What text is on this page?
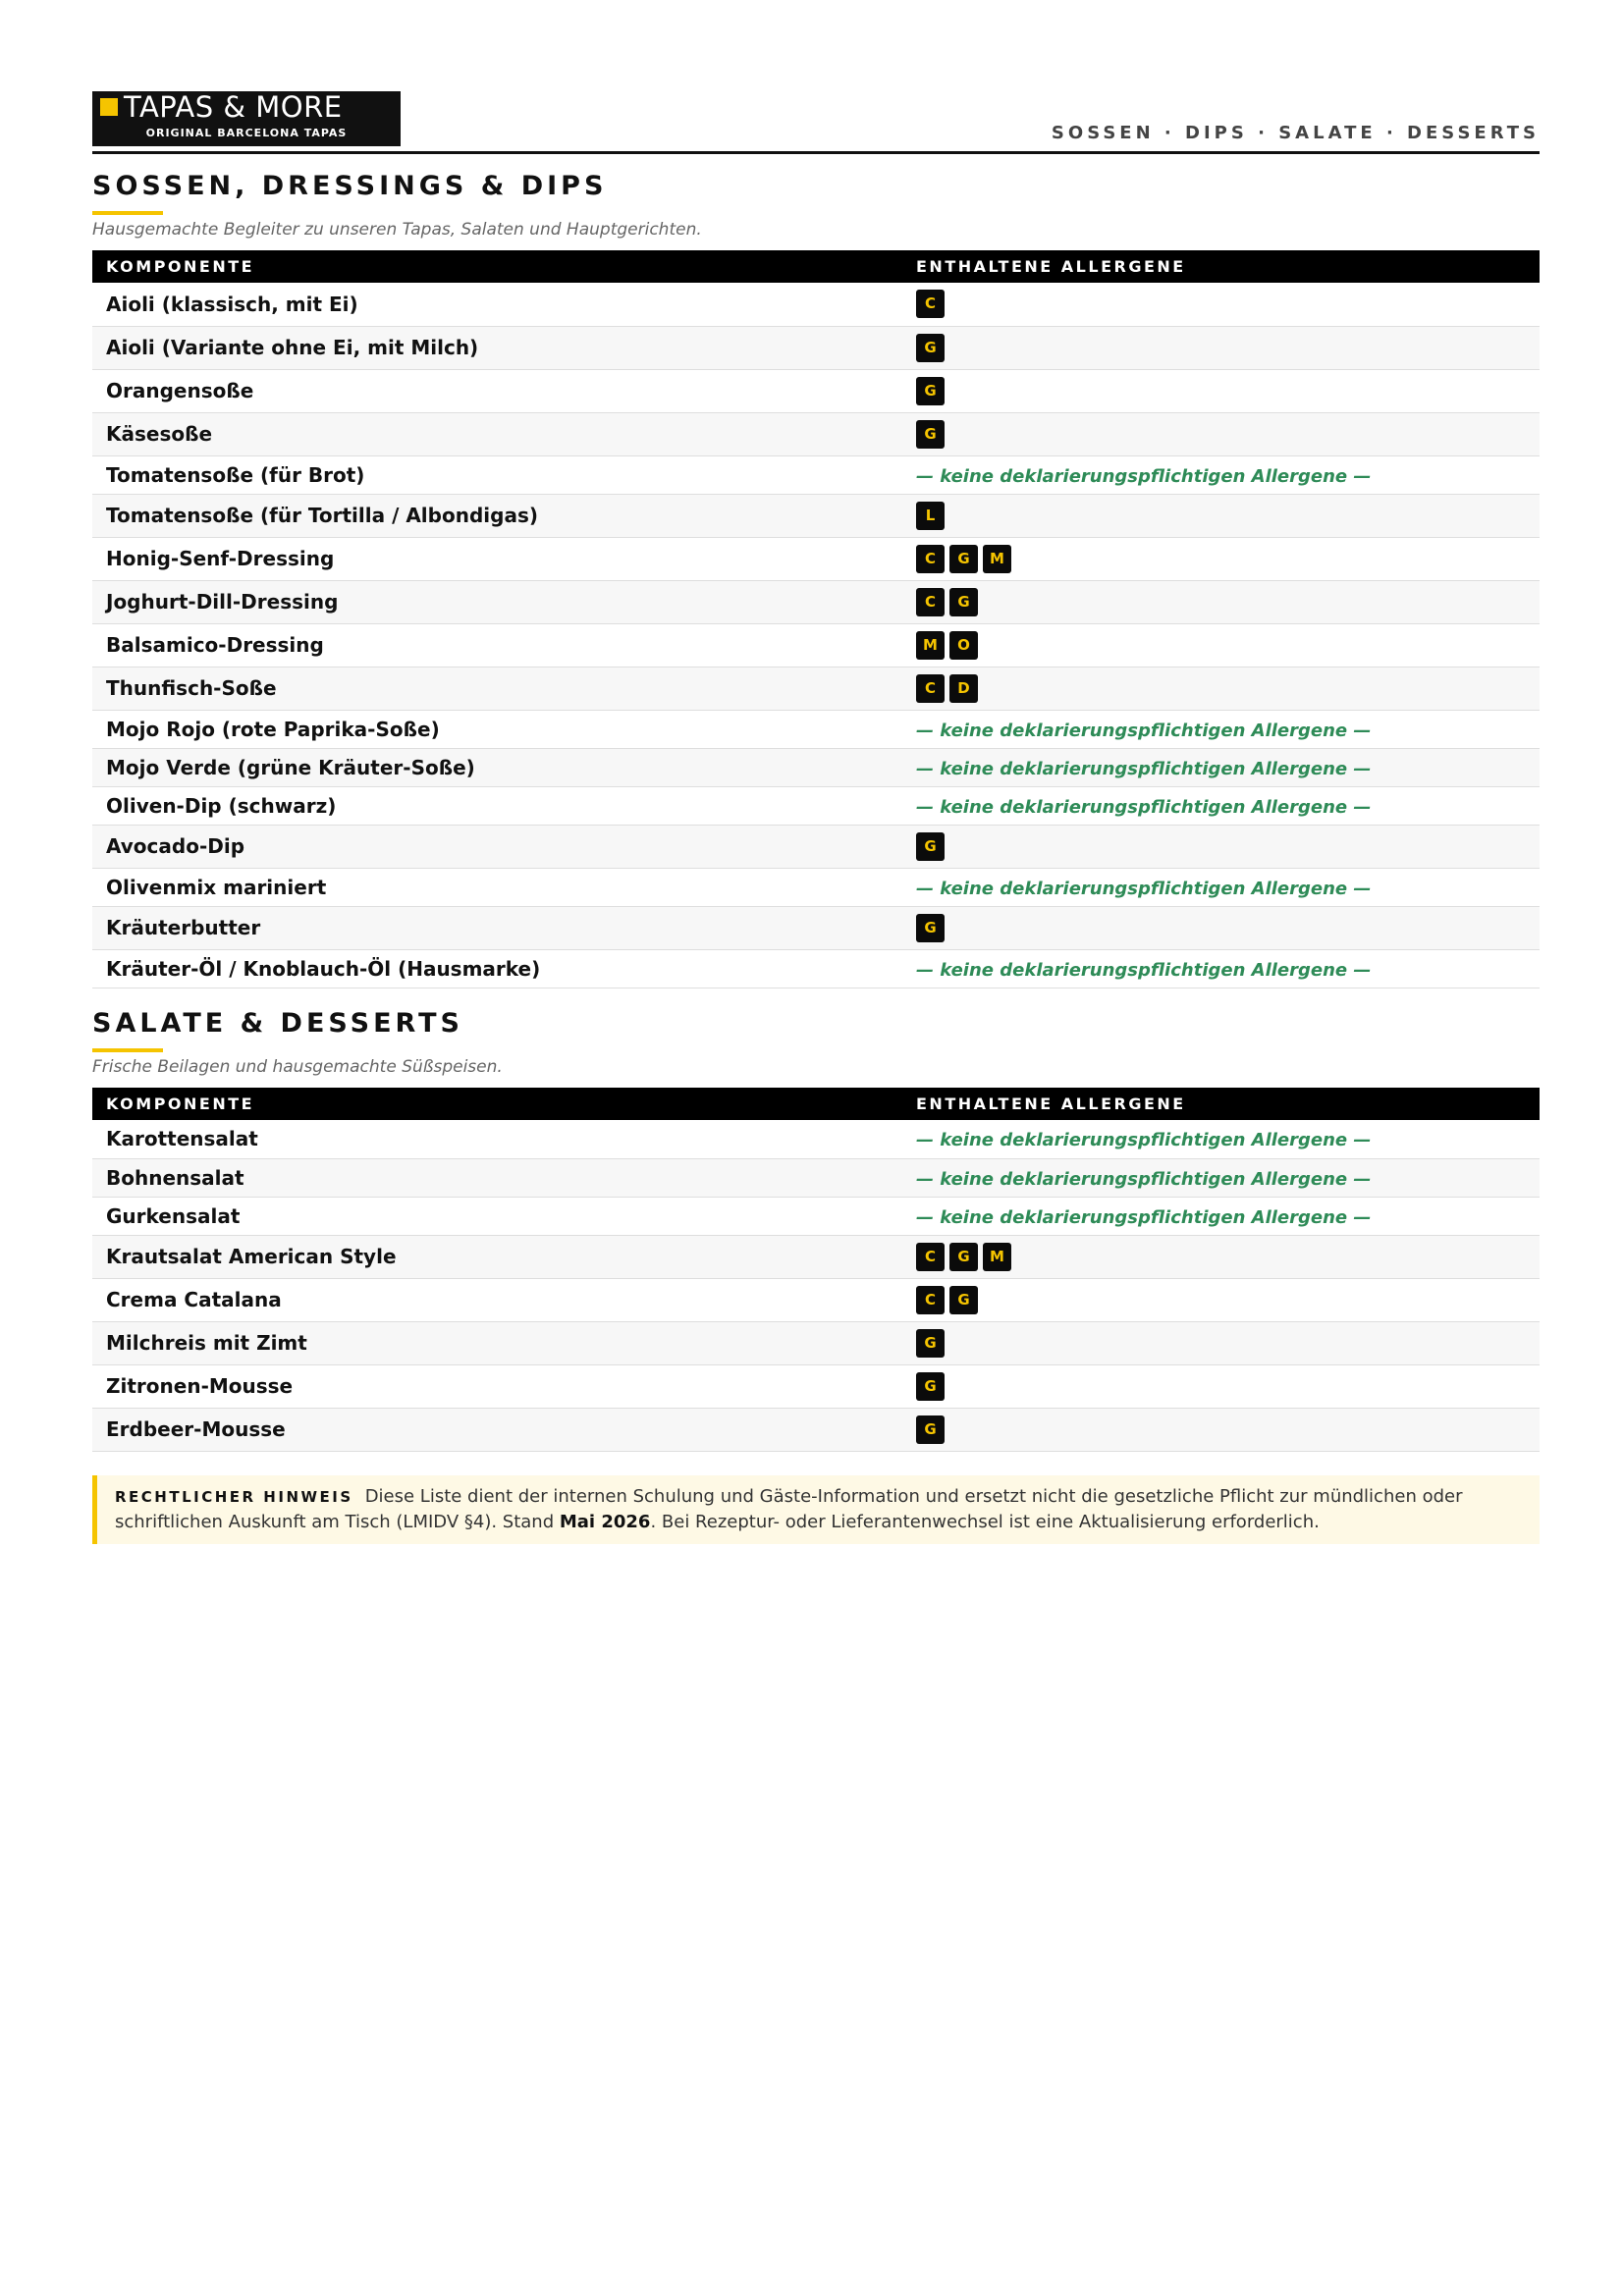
TAPAS & MORE
ORIGINAL BARCELONA TAPAS	SOSSEN · DIPS · SALATE · DESSERTS
SOSSEN, DRESSINGS & DIPS
Hausgemachte Begleiter zu unseren Tapas, Salaten und Hauptgerichten.
KOMPONENTE	ENTHALTENE ALLERGENE
Aioli (klassisch, mit Ei)	C
Aioli (Variante ohne Ei, mit Milch)	G
Orangensoße	G
Käsesoße	G
Tomatensoße (für Brot)	— keine deklarierungspflichtigen Allergene —
Tomatensoße (für Tortilla / Albondigas)	L
Honig-Senf-Dressing	C G M
Joghurt-Dill-Dressing	C G
Balsamico-Dressing	M O
Thunfisch-Soße	C D
Mojo Rojo (rote Paprika-Soße)	— keine deklarierungspflichtigen Allergene —
Mojo Verde (grüne Kräuter-Soße)	— keine deklarierungspflichtigen Allergene —
Oliven-Dip (schwarz)	— keine deklarierungspflichtigen Allergene —
Avocado-Dip	G
Olivenmix mariniert	— keine deklarierungspflichtigen Allergene —
Kräuterbutter	G
Kräuter-Öl / Knoblauch-Öl (Hausmarke)	— keine deklarierungspflichtigen Allergene —
SALATE & DESSERTS
Frische Beilagen und hausgemachte Süßspeisen.
KOMPONENTE	ENTHALTENE ALLERGENE
Karottensalat	— keine deklarierungspflichtigen Allergene —
Bohnensalat	— keine deklarierungspflichtigen Allergene —
Gurkensalat	— keine deklarierungspflichtigen Allergene —
Krautsalat American Style	C G M
Crema Catalana	C G
Milchreis mit Zimt	G
Zitronen-Mousse	G
Erdbeer-Mousse	G
RECHTLICHER HINWEIS Diese Liste dient der internen Schulung und Gäste-Information und ersetzt nicht die gesetzliche Pflicht zur mündlichen oder schriftlichen Auskunft am Tisch (LMIDV §4). Stand Mai 2026. Bei Rezeptur- oder Lieferantenwechsel ist eine Aktualisierung erforderlich.
